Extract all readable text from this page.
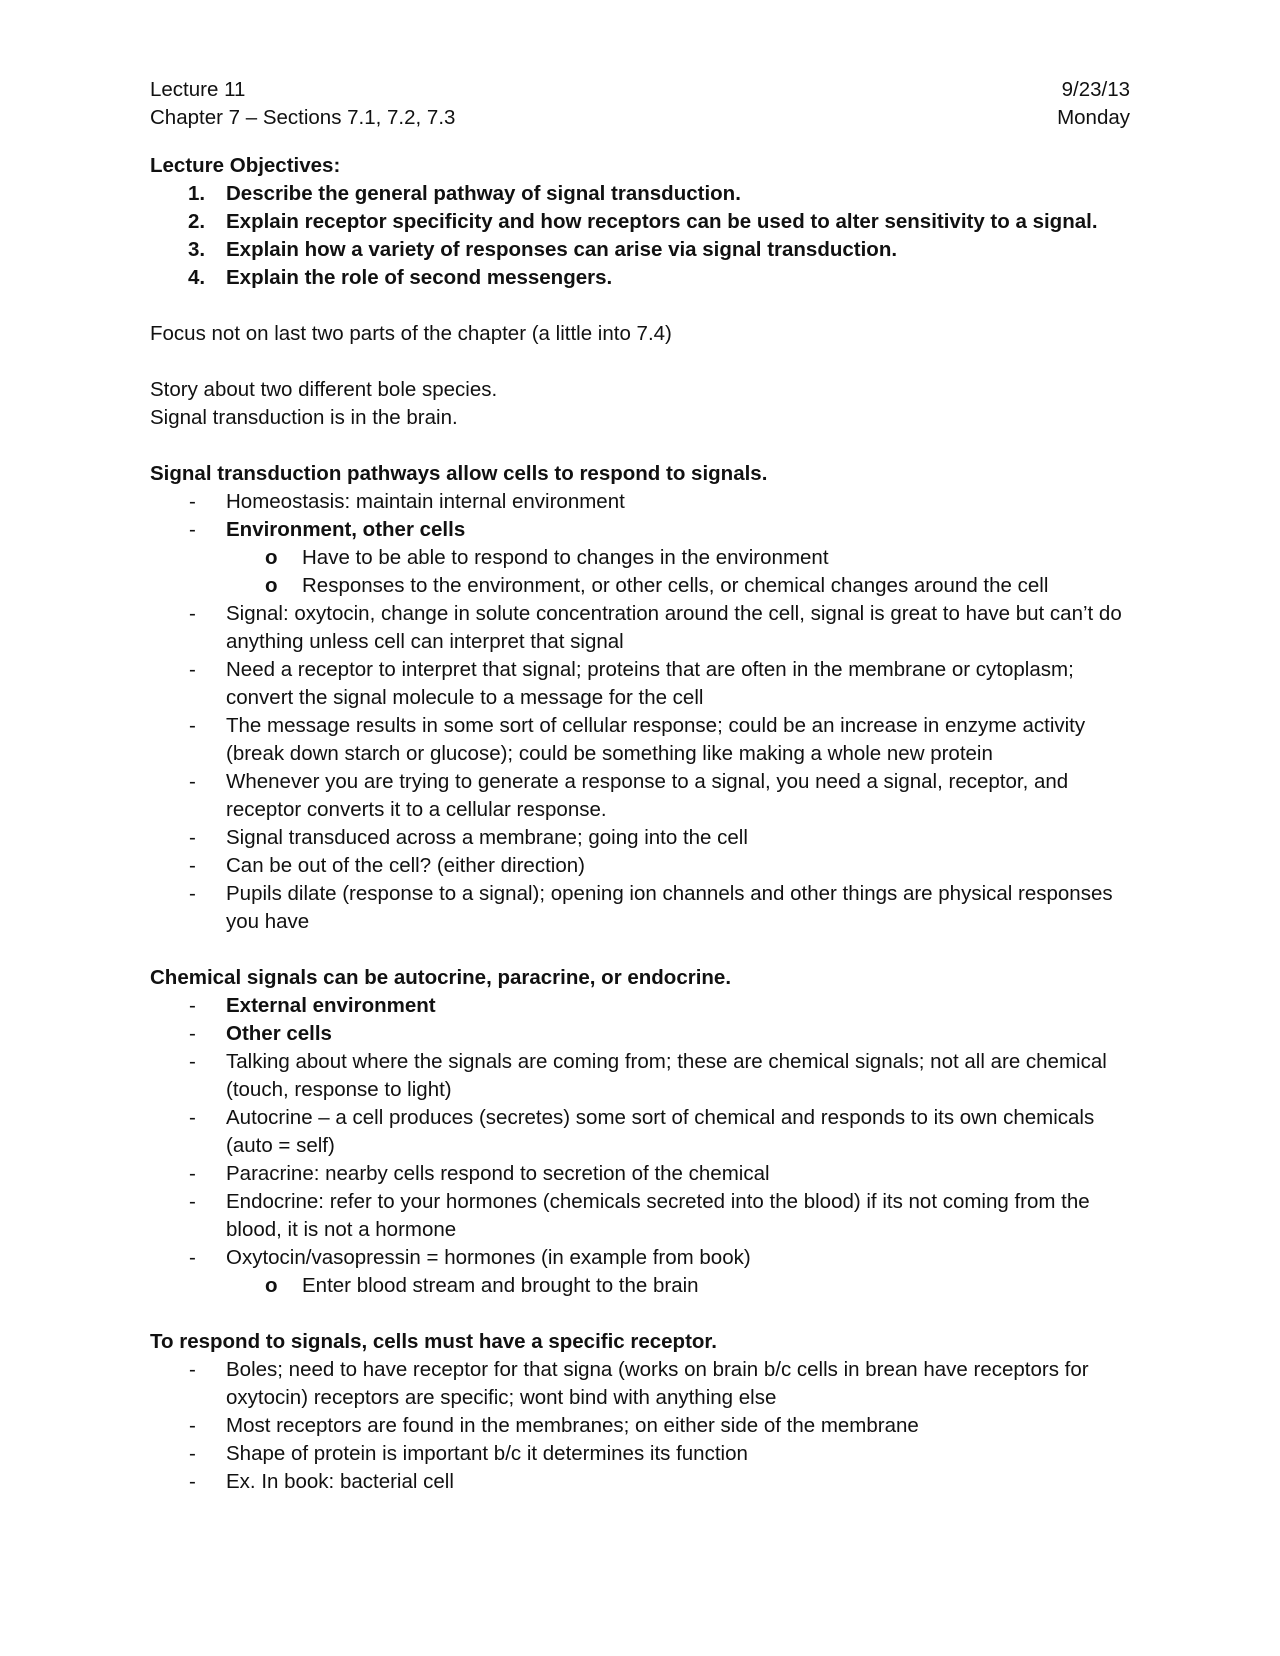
Lecture 11	9/23/13
Chapter 7 – Sections 7.1, 7.2, 7.3	Monday
Lecture Objectives:
1.	Describe the general pathway of signal transduction.
2.	Explain receptor specificity and how receptors can be used to alter sensitivity to a signal.
3.	Explain how a variety of responses can arise via signal transduction.
4.	Explain the role of second messengers.
Focus not on last two parts of the chapter (a little into 7.4)
Story about two different bole species.
Signal transduction is in the brain.
Signal transduction pathways allow cells to respond to signals.
-	Homeostasis: maintain internal environment
-	Environment, other cells
o	Have to be able to respond to changes in the environment
o	Responses to the environment, or other cells, or chemical changes around the cell
-	Signal: oxytocin, change in solute concentration around the cell, signal is great to have but can’t do anything unless cell can interpret that signal
-	Need a receptor to interpret that signal; proteins that are often in the membrane or cytoplasm; convert the signal molecule to a message for the cell
-	The message results in some sort of cellular response; could be an increase in enzyme activity (break down starch or glucose); could be something like making a whole new protein
-	Whenever you are trying to generate a response to a signal, you need a signal, receptor, and receptor converts it to a cellular response.
-	Signal transduced across a membrane; going into the cell
-	Can be out of the cell? (either direction)
-	Pupils dilate (response to a signal); opening ion channels and other things are physical responses you have
Chemical signals can be autocrine, paracrine, or endocrine.
-	External environment
-	Other cells
-	Talking about where the signals are coming from; these are chemical signals; not all are chemical (touch, response to light)
-	Autocrine – a cell produces (secretes) some sort of chemical and responds to its own chemicals (auto = self)
-	Paracrine: nearby cells respond to secretion of the chemical
-	Endocrine: refer to your hormones (chemicals secreted into the blood) if its not coming from the blood, it is not a hormone
-	Oxytocin/vasopressin = hormones (in example from book)
o	Enter blood stream and brought to the brain
To respond to signals, cells must have a specific receptor.
-	Boles; need to have receptor for that signa (works on brain b/c cells in brean have receptors for oxytocin) receptors are specific; wont bind with anything else
-	Most receptors are found in the membranes; on either side of the membrane
-	Shape of protein is important b/c it determines its function
-	Ex. In book: bacterial cell
